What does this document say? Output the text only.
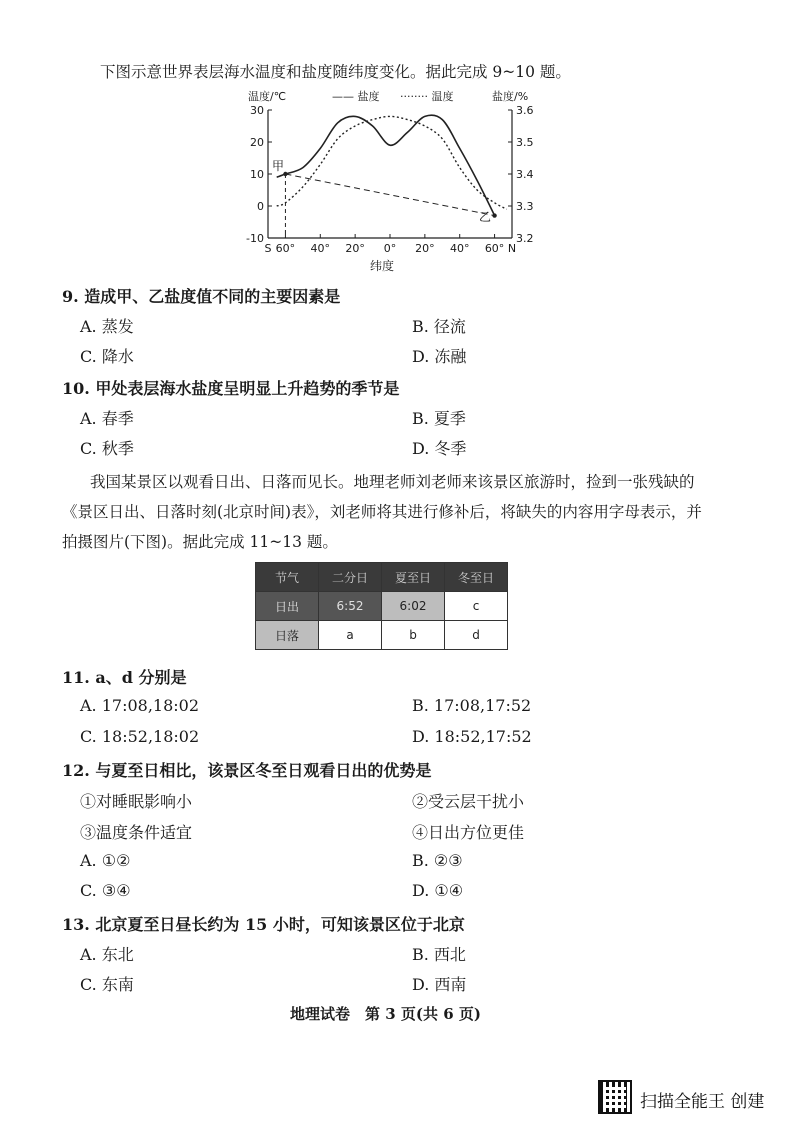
下图示意世界表层海水温度和盐度随纬度变化。据此完成 9~10 题。
温度/℃	盐度/%
—— 盐度 ········ 温度
纬度
甲
乙
30
20
10
0
-10
3.6
3.5
3.4
3.3
3.2
S 60° 40° 20° 0° 20° 40° 60° N
9. 造成甲、乙盐度值不同的主要因素是
A. 蒸发	B. 径流
C. 降水	D. 冻融
10. 甲处表层海水盐度呈明显上升趋势的季节是
A. 春季	B. 夏季
C. 秋季	D. 冬季
我国某景区以观看日出、日落而见长。地理老师刘老师来该景区旅游时，捡到一张残缺的
《景区日出、日落时刻(北京时间)表》，刘老师将其进行修补后，将缺失的内容用字母表示，并
拍摄图片(下图)。据此完成 11~13 题。
节气	二分日	夏至日	冬至日
日出	6:52	6:02	c
日落	a	b	d
11. a、d 分别是
A. 17:08,18:02	B. 17:08,17:52
C. 18:52,18:02	D. 18:52,17:52
12. 与夏至日相比，该景区冬至日观看日出的优势是
①对睡眠影响小	②受云层干扰小
③温度条件适宜	④日出方位更佳
A. ①②	B. ②③
C. ③④	D. ①④
13. 北京夏至日昼长约为 15 小时，可知该景区位于北京
A. 东北	B. 西北
C. 东南	D. 西南
地理试卷　第 3 页(共 6 页)
扫描全能王 创建
